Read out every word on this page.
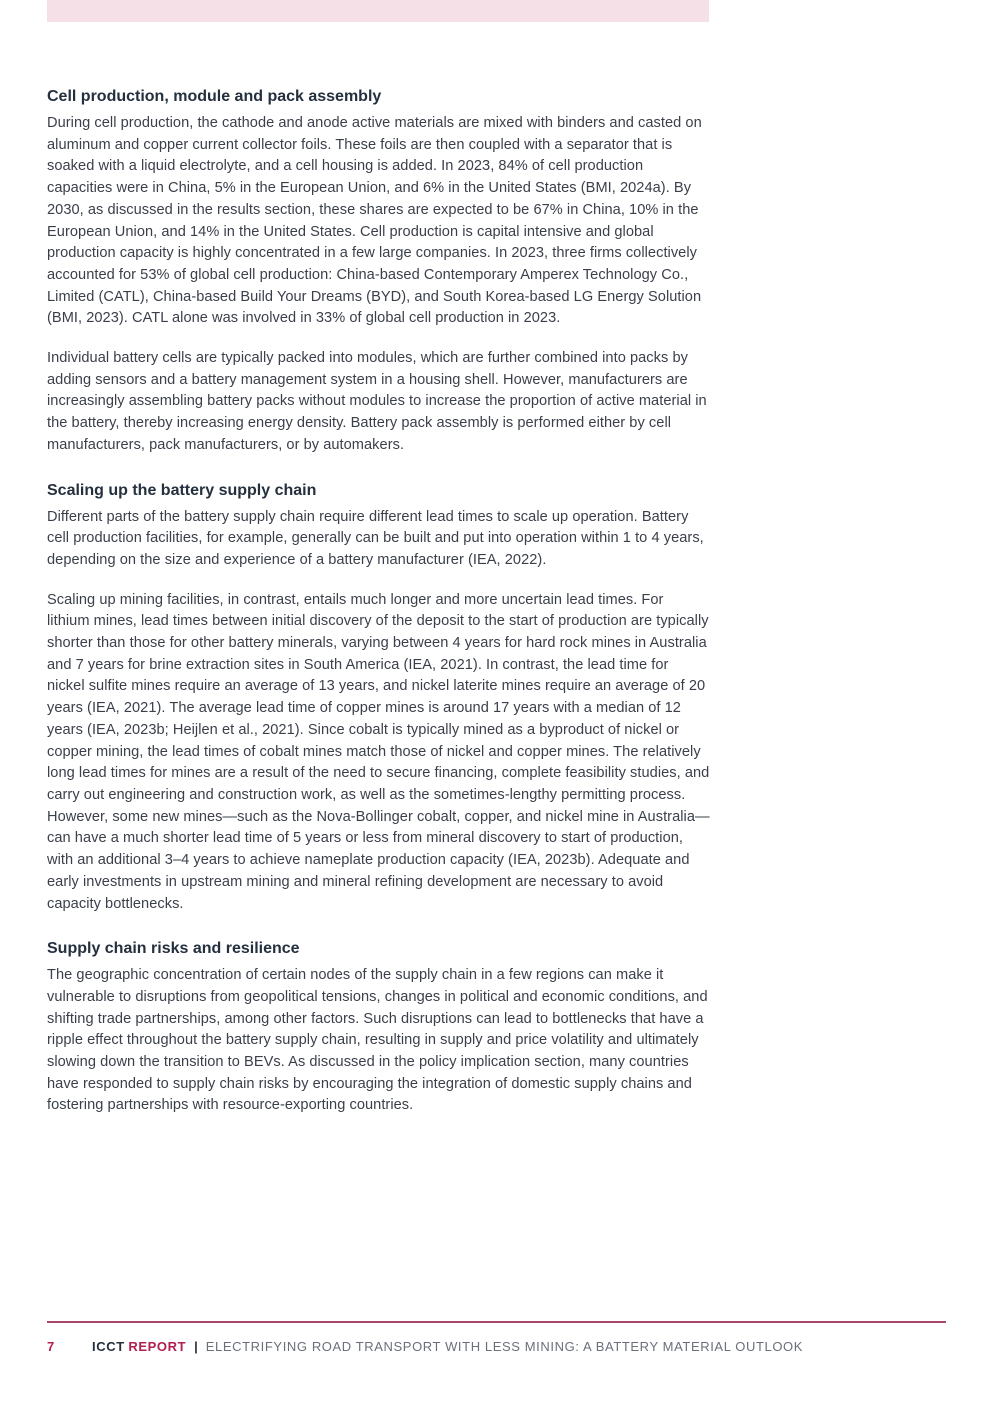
Cell production, module and pack assembly

During cell production, the cathode and anode active materials are mixed with binders and casted on aluminum and copper current collector foils. These foils are then coupled with a separator that is soaked with a liquid electrolyte, and a cell housing is added. In 2023, 84% of cell production capacities were in China, 5% in the European Union, and 6% in the United States (BMI, 2024a). By 2030, as discussed in the results section, these shares are expected to be 67% in China, 10% in the European Union, and 14% in the United States. Cell production is capital intensive and global production capacity is highly concentrated in a few large companies. In 2023, three firms collectively accounted for 53% of global cell production: China-based Contemporary Amperex Technology Co., Limited (CATL), China-based Build Your Dreams (BYD), and South Korea-based LG Energy Solution (BMI, 2023). CATL alone was involved in 33% of global cell production in 2023.

Individual battery cells are typically packed into modules, which are further combined into packs by adding sensors and a battery management system in a housing shell. However, manufacturers are increasingly assembling battery packs without modules to increase the proportion of active material in the battery, thereby increasing energy density. Battery pack assembly is performed either by cell manufacturers, pack manufacturers, or by automakers.

Scaling up the battery supply chain

Different parts of the battery supply chain require different lead times to scale up operation. Battery cell production facilities, for example, generally can be built and put into operation within 1 to 4 years, depending on the size and experience of a battery manufacturer (IEA, 2022).

Scaling up mining facilities, in contrast, entails much longer and more uncertain lead times. For lithium mines, lead times between initial discovery of the deposit to the start of production are typically shorter than those for other battery minerals, varying between 4 years for hard rock mines in Australia and 7 years for brine extraction sites in South America (IEA, 2021). In contrast, the lead time for nickel sulfite mines require an average of 13 years, and nickel laterite mines require an average of 20 years (IEA, 2021). The average lead time of copper mines is around 17 years with a median of 12 years (IEA, 2023b; Heijlen et al., 2021). Since cobalt is typically mined as a byproduct of nickel or copper mining, the lead times of cobalt mines match those of nickel and copper mines. The relatively long lead times for mines are a result of the need to secure financing, complete feasibility studies, and carry out engineering and construction work, as well as the sometimes-lengthy permitting process. However, some new mines—such as the Nova-Bollinger cobalt, copper, and nickel mine in Australia—can have a much shorter lead time of 5 years or less from mineral discovery to start of production, with an additional 3–4 years to achieve nameplate production capacity (IEA, 2023b). Adequate and early investments in upstream mining and mineral refining development are necessary to avoid capacity bottlenecks.

Supply chain risks and resilience

The geographic concentration of certain nodes of the supply chain in a few regions can make it vulnerable to disruptions from geopolitical tensions, changes in political and economic conditions, and shifting trade partnerships, among other factors. Such disruptions can lead to bottlenecks that have a ripple effect throughout the battery supply chain, resulting in supply and price volatility and ultimately slowing down the transition to BEVs. As discussed in the policy implication section, many countries have responded to supply chain risks by encouraging the integration of domestic supply chains and fostering partnerships with resource-exporting countries.

7	ICCT REPORT | ELECTRIFYING ROAD TRANSPORT WITH LESS MINING: A BATTERY MATERIAL OUTLOOK
